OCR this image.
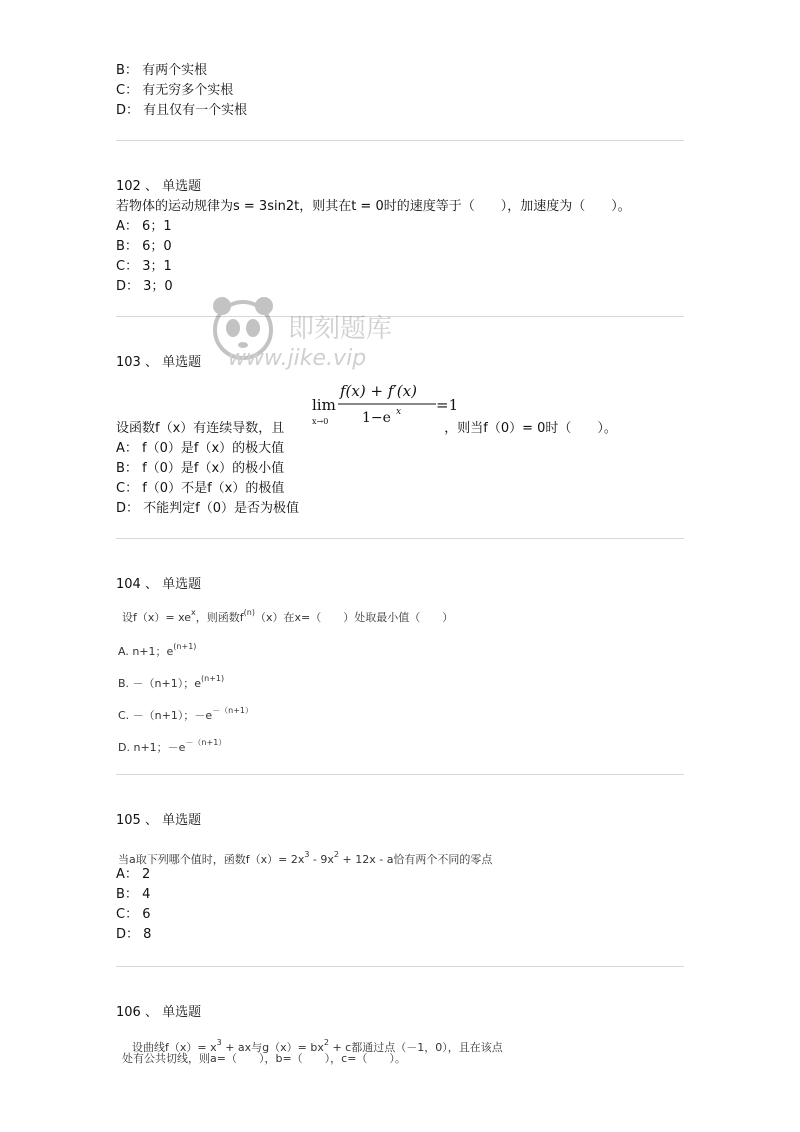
B： 有两个实根
C： 有无穷多个实根
D： 有且仅有一个实根
102 、 单选题
若物体的运动规律为s = 3sin2t，则其在t = 0时的速度等于（　　），加速度为（　　）。
A： 6；1
B： 6；0
C： 3；1
D： 3；0
即刻题库
www.jike.vip
103 、 单选题
lim
x→0
f(x) + f′(x)
1−e x =1
设函数f（x）有连续导数，且	，则当f（0）= 0时（　　）。
A： f（0）是f（x）的极大值
B： f（0）是f（x）的极小值
C： f（0）不是f（x）的极值
D： 不能判定f（0）是否为极值
104 、 单选题
设$f(x)= xe^x$，则函数$f^{(n)}(x)$在x=（　　）处取最小值（　　）
A. n+1；$e^{(n+1)}$
B. －（n+1）；$e^{(n+1)}$
C. －（n+1）；$-e^{-(n+1)}$
D. n+1；$-e^{-(n+1)}$
105 、 单选题
当a取下列哪个值时，函数$f(x)= 2x^3 - 9x^2 + 12x - a$恰有两个不同的零点
A： 2
B： 4
C： 6
D： 8
106 、 单选题
设曲线$f(x)= x^3$ + ax与$g(x)= bx^2 + c$都通过点（－1，0），且在该点
处有公共切线，则a=（　　），b=（　　），c=（　　）。
